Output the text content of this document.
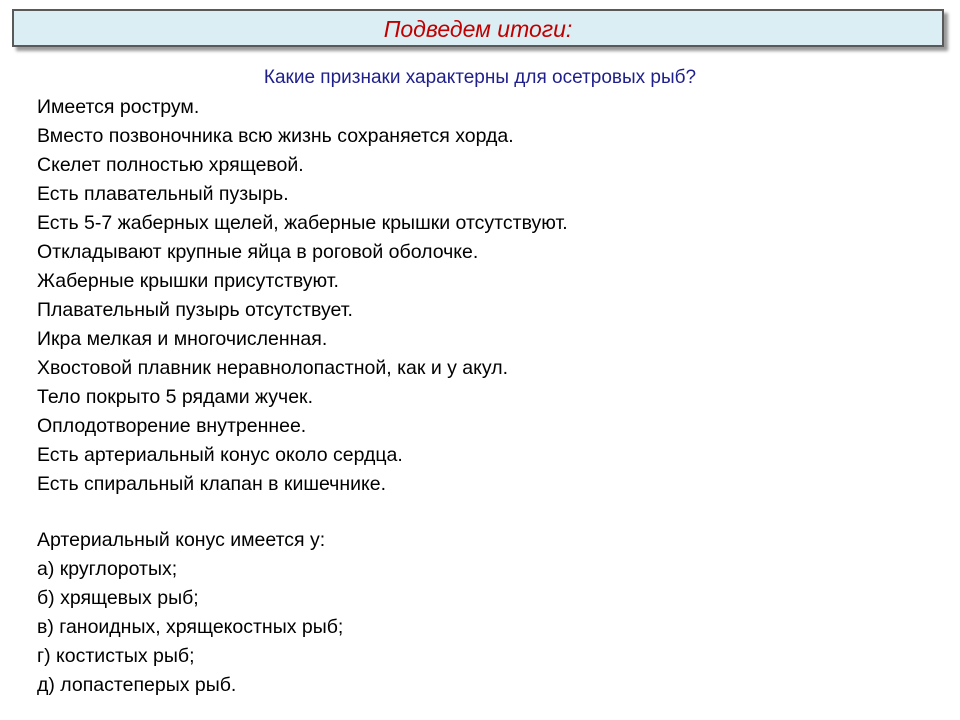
Подведем итоги:
Какие признаки характерны для осетровых рыб?
Имеется рострум.
Вместо позвоночника всю жизнь сохраняется хорда.
Скелет полностью хрящевой.
Есть плавательный пузырь.
Есть 5-7 жаберных щелей, жаберные крышки отсутствуют.
Откладывают крупные яйца в роговой оболочке.
Жаберные крышки присутствуют.
Плавательный пузырь отсутствует.
Икра мелкая и многочисленная.
Хвостовой плавник неравнолопастной, как и у акул.
Тело покрыто 5 рядами жучек.
Оплодотворение внутреннее.
Есть артериальный конус около сердца.
Есть спиральный клапан в кишечнике.
Артериальный конус имеется у:
а) круглоротых;
б) хрящевых рыб;
в) ганоидных, хрящекостных рыб;
г) костистых рыб;
д) лопастеперых рыб.
